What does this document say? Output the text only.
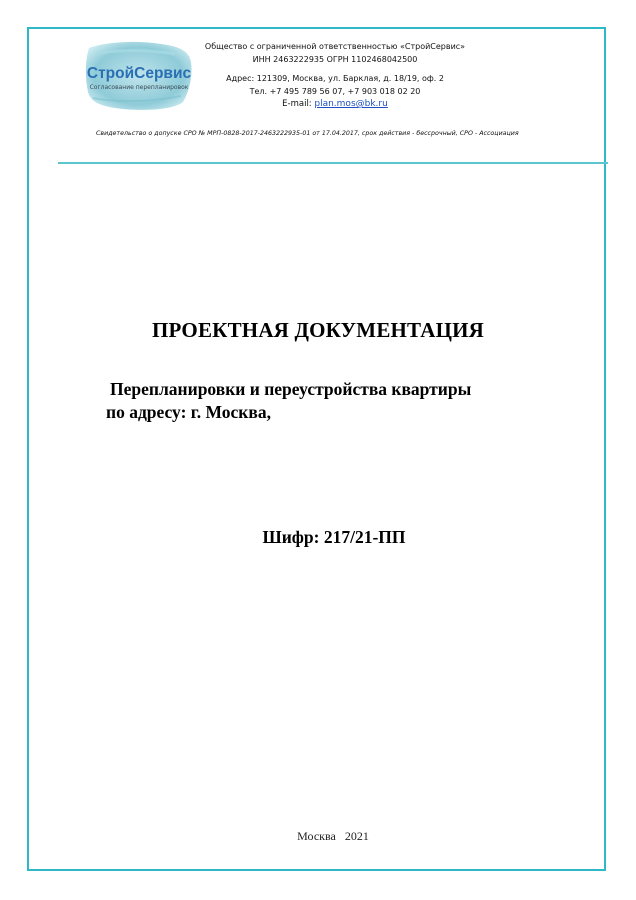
СтройСервис
Согласование перепланировок
Общество с ограниченной ответственностью «СтройСервис»
ИНН 2463222935 ОГРН 1102468042500
Адрес: 121309, Москва, ул. Барклая, д. 18/19, оф. 2
Тел. +7 495 789 56 07, +7 903 018 02 20
E-mail: plan.mos@bk.ru
Свидетельство о допуске СРО № МРП-0828-2017-2463222935-01 от 17.04.2017, срок действия - бессрочный, СРО - Ассоциация
ПРОЕКТНАЯ ДОКУМЕНТАЦИЯ
Перепланировки и переустройства квартиры
по адресу: г. Москва,
Шифр: 217/21-ПП
Москва   2021
